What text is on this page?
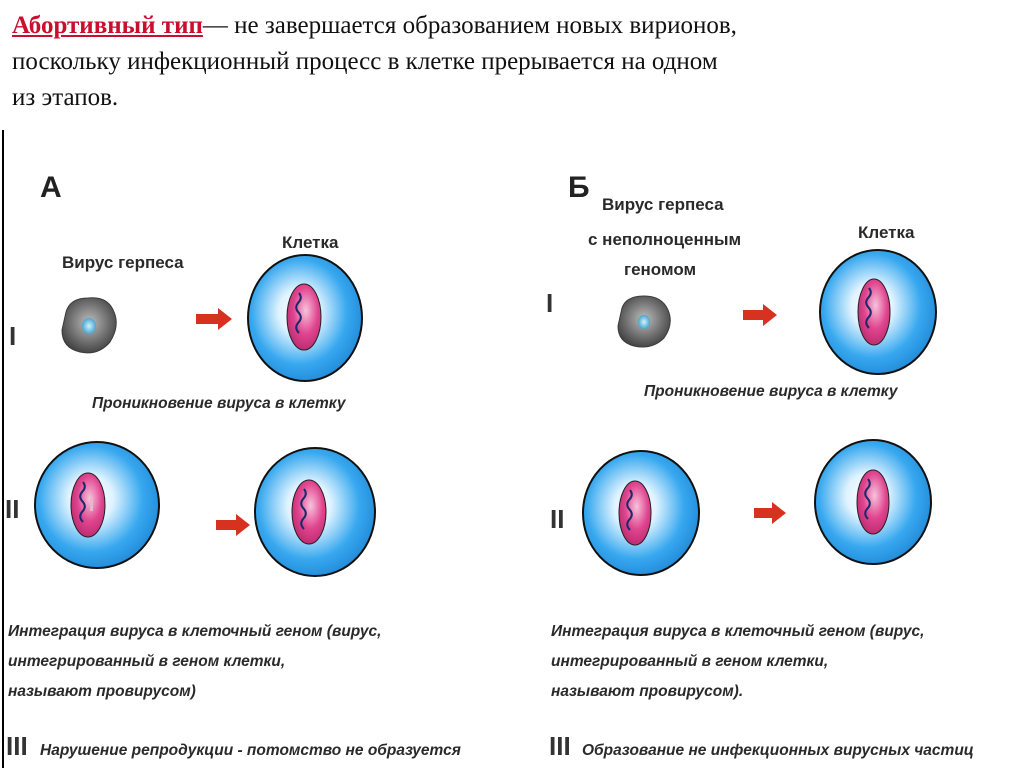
Абортивный тип— не завершается образованием новых вирионов,
поскольку инфекционный процесс в клетке прерывается на одном
из этапов.
А
I
Вирус герпеса
Клетка
Проникновение вируса в клетку
II
Интеграция вируса в клеточный геном (вирус,
интегрированный в геном клетки,
называют провирусом)
III Нарушение репродукции - потомство не образуется
Б
I
Вирус герпеса
с неполноценным
геномом
Клетка
Проникновение вируса в клетку
II
Интеграция вируса в клеточный геном (вирус,
интегрированный в геном клетки,
называют провирусом).
III Образование не инфекционных вирусных частиц
